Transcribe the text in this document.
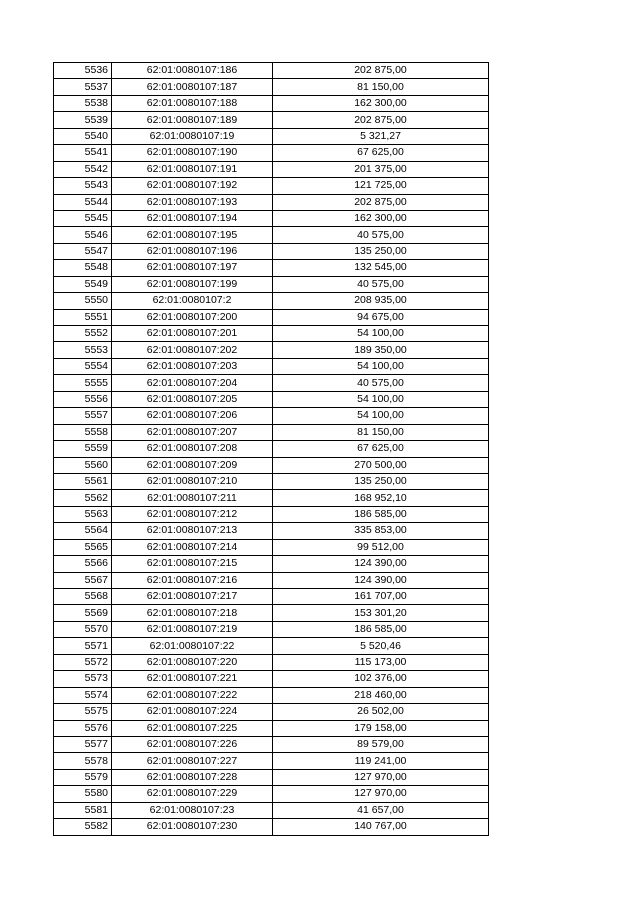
5536	62:01:0080107:186	202 875,00
5537	62:01:0080107:187	81 150,00
5538	62:01:0080107:188	162 300,00
5539	62:01:0080107:189	202 875,00
5540	62:01:0080107:19	5 321,27
5541	62:01:0080107:190	67 625,00
5542	62:01:0080107:191	201 375,00
5543	62:01:0080107:192	121 725,00
5544	62:01:0080107:193	202 875,00
5545	62:01:0080107:194	162 300,00
5546	62:01:0080107:195	40 575,00
5547	62:01:0080107:196	135 250,00
5548	62:01:0080107:197	132 545,00
5549	62:01:0080107:199	40 575,00
5550	62:01:0080107:2	208 935,00
5551	62:01:0080107:200	94 675,00
5552	62:01:0080107:201	54 100,00
5553	62:01:0080107:202	189 350,00
5554	62:01:0080107:203	54 100,00
5555	62:01:0080107:204	40 575,00
5556	62:01:0080107:205	54 100,00
5557	62:01:0080107:206	54 100,00
5558	62:01:0080107:207	81 150,00
5559	62:01:0080107:208	67 625,00
5560	62:01:0080107:209	270 500,00
5561	62:01:0080107:210	135 250,00
5562	62:01:0080107:211	168 952,10
5563	62:01:0080107:212	186 585,00
5564	62:01:0080107:213	335 853,00
5565	62:01:0080107:214	99 512,00
5566	62:01:0080107:215	124 390,00
5567	62:01:0080107:216	124 390,00
5568	62:01:0080107:217	161 707,00
5569	62:01:0080107:218	153 301,20
5570	62:01:0080107:219	186 585,00
5571	62:01:0080107:22	5 520,46
5572	62:01:0080107:220	115 173,00
5573	62:01:0080107:221	102 376,00
5574	62:01:0080107:222	218 460,00
5575	62:01:0080107:224	26 502,00
5576	62:01:0080107:225	179 158,00
5577	62:01:0080107:226	89 579,00
5578	62:01:0080107:227	119 241,00
5579	62:01:0080107:228	127 970,00
5580	62:01:0080107:229	127 970,00
5581	62:01:0080107:23	41 657,00
5582	62:01:0080107:230	140 767,00
